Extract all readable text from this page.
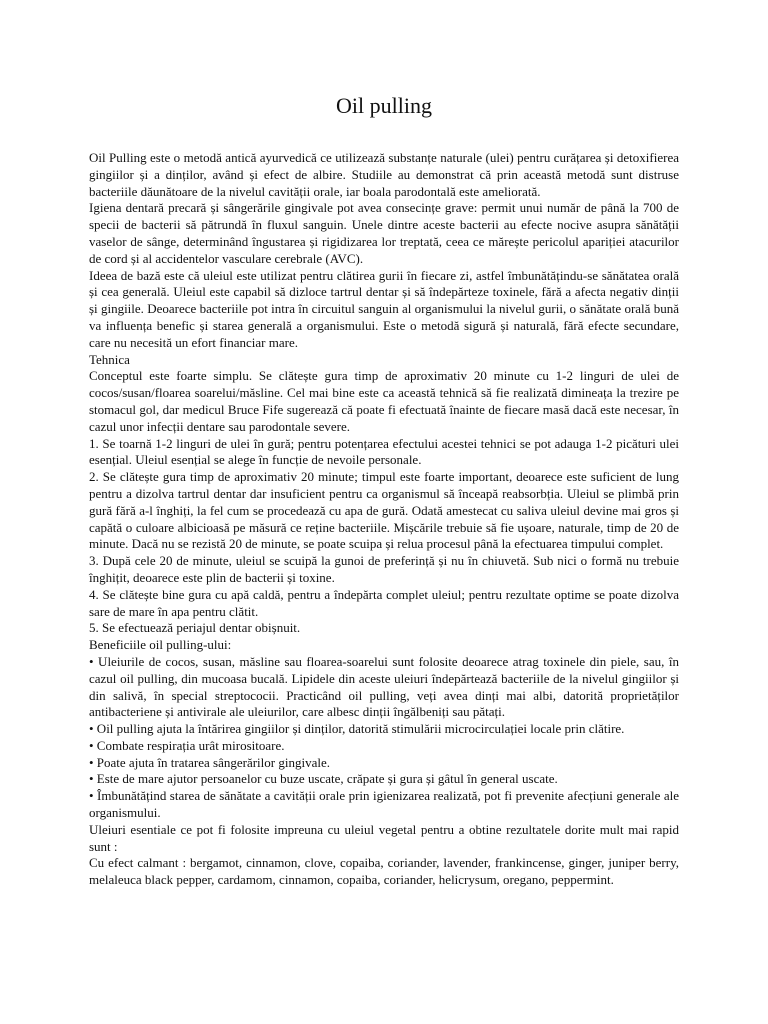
Oil pulling

Oil Pulling este o metodă antică ayurvedică ce utilizează substanțe naturale (ulei) pentru curățarea și detoxifierea gingiilor și a dinților, având și efect de albire. Studiile au demonstrat că prin această metodă sunt distruse bacteriile dăunătoare de la nivelul cavității orale, iar boala parodontală este ameliorată.

Igiena dentară precară și sângerările gingivale pot avea consecințe grave: permit unui număr de până la 700 de specii de bacterii să pătrundă în fluxul sanguin. Unele dintre aceste bacterii au efecte nocive asupra sănătății vaselor de sânge, determinând îngustarea și rigidizarea lor treptată, ceea ce mărește pericolul apariției atacurilor de cord și al accidentelor vasculare cerebrale (AVC).

Ideea de bază este că uleiul este utilizat pentru clătirea gurii în fiecare zi, astfel îmbunătățindu-se sănătatea orală și cea generală. Uleiul este capabil să dizloce tartrul dentar și să îndepărteze toxinele, fără a afecta negativ dinții și gingiile. Deoarece bacteriile pot intra în circuitul sanguin al organismului la nivelul gurii, o sănătate orală bună va influența benefic și starea generală a organismului. Este o metodă sigură și naturală, fără efecte secundare, care nu necesită un efort financiar mare.

Tehnica

Conceptul este foarte simplu. Se clătește gura timp de aproximativ 20 minute cu 1-2 linguri de ulei de cocos/susan/floarea soarelui/măsline. Cel mai bine este ca această tehnică să fie realizată dimineața la trezire pe stomacul gol, dar medicul Bruce Fife sugerează că poate fi efectuată înainte de fiecare masă dacă este necesar, în cazul unor infecții dentare sau parodontale severe.

1. Se toarnă 1-2 linguri de ulei în gură; pentru potențarea efectului acestei tehnici se pot adauga 1-2 picături ulei esențial. Uleiul esențial se alege în funcție de nevoile personale.

2. Se clătește gura timp de aproximativ 20 minute; timpul este foarte important, deoarece este suficient de lung pentru a dizolva tartrul dentar dar insuficient pentru ca organismul să înceapă reabsorbția. Uleiul se plimbă prin gură fără a-l înghiți, la fel cum se procedează cu apa de gură. Odată amestecat cu saliva uleiul devine mai gros și capătă o culoare albicioasă pe măsură ce reține bacteriile. Mișcările trebuie să fie ușoare, naturale, timp de 20 de minute. Dacă nu se rezistă 20 de minute, se poate scuipa și relua procesul până la efectuarea timpului complet.

3. După cele 20 de minute, uleiul se scuipă la gunoi de preferință și nu în chiuvetă. Sub nici o formă nu trebuie înghițit, deoarece este plin de bacterii și toxine.

4. Se clătește bine gura cu apă caldă, pentru a îndepărta complet uleiul; pentru rezultate optime se poate dizolva sare de mare în apa pentru clătit.

5. Se efectuează periajul dentar obișnuit.

Beneficiile oil pulling-ului:

• Uleiurile de cocos, susan, măsline sau floarea-soarelui sunt folosite deoarece atrag toxinele din piele, sau, în cazul oil pulling, din mucoasa bucală. Lipidele din aceste uleiuri îndepărtează bacteriile de la nivelul gingiilor și din salivă, în special streptococii. Practicând oil pulling, veți avea dinți mai albi, datorită proprietăților antibacteriene și antivirale ale uleiurilor, care albesc dinții îngălbeniți sau pătați.

• Oil pulling ajuta la întărirea gingiilor și dinților, datorită stimulării microcirculației locale prin clătire.

• Combate respirația urât mirositoare.

• Poate ajuta în tratarea sângerărilor gingivale.

• Este de mare ajutor persoanelor cu buze uscate, crăpate și gura și gâtul în general uscate.

• Îmbunătățind starea de sănătate a cavității orale prin igienizarea realizată, pot fi prevenite afecțiuni generale ale organismului.

Uleiuri esentiale ce pot fi folosite impreuna cu uleiul vegetal pentru a obtine rezultatele dorite mult mai rapid sunt :

Cu efect calmant : bergamot, cinnamon, clove, copaiba, coriander, lavender, frankincense, ginger, juniper berry, melaleuca black pepper, cardamom, cinnamon, copaiba, coriander, helicrysum, oregano, peppermint.
